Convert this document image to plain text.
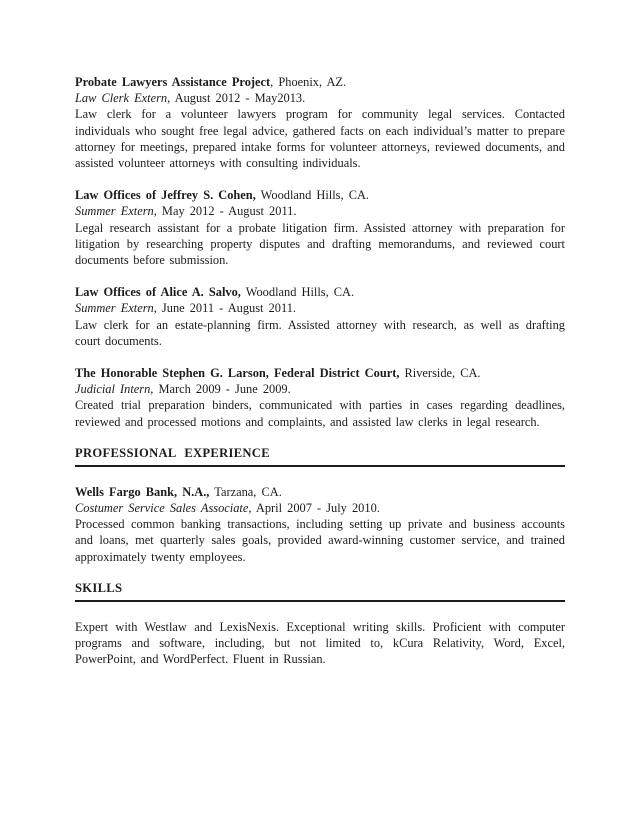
Probate Lawyers Assistance Project, Phoenix, AZ.

Law Clerk Extern, August 2012 - May2013.

Law clerk for a volunteer lawyers program for community legal services. Contacted individuals who sought free legal advice, gathered facts on each individual’s matter to prepare attorney for meetings, prepared intake forms for volunteer attorneys, reviewed documents, and assisted volunteer attorneys with consulting individuals.

Law Offices of Jeffrey S. Cohen, Woodland Hills, CA.

Summer Extern, May 2012 - August 2011.

Legal research assistant for a probate litigation firm. Assisted attorney with preparation for litigation by researching property disputes and drafting memorandums, and reviewed court documents before submission.

Law Offices of Alice A. Salvo, Woodland Hills, CA.

Summer Extern, June 2011 - August 2011.

Law clerk for an estate-planning firm. Assisted attorney with research, as well as drafting court documents.

The Honorable Stephen G. Larson, Federal District Court, Riverside, CA.

Judicial Intern, March 2009 - June 2009.

Created trial preparation binders, communicated with parties in cases regarding deadlines, reviewed and processed motions and complaints, and assisted law clerks in legal research.

PROFESSIONAL EXPERIENCE

Wells Fargo Bank, N.A., Tarzana, CA.

Costumer Service Sales Associate, April 2007 - July 2010.

Processed common banking transactions, including setting up private and business accounts and loans, met quarterly sales goals, provided award-winning customer service, and trained approximately twenty employees.

SKILLS

Expert with Westlaw and LexisNexis. Exceptional writing skills. Proficient with computer programs and software, including, but not limited to, kCura Relativity, Word, Excel, PowerPoint, and WordPerfect. Fluent in Russian.
